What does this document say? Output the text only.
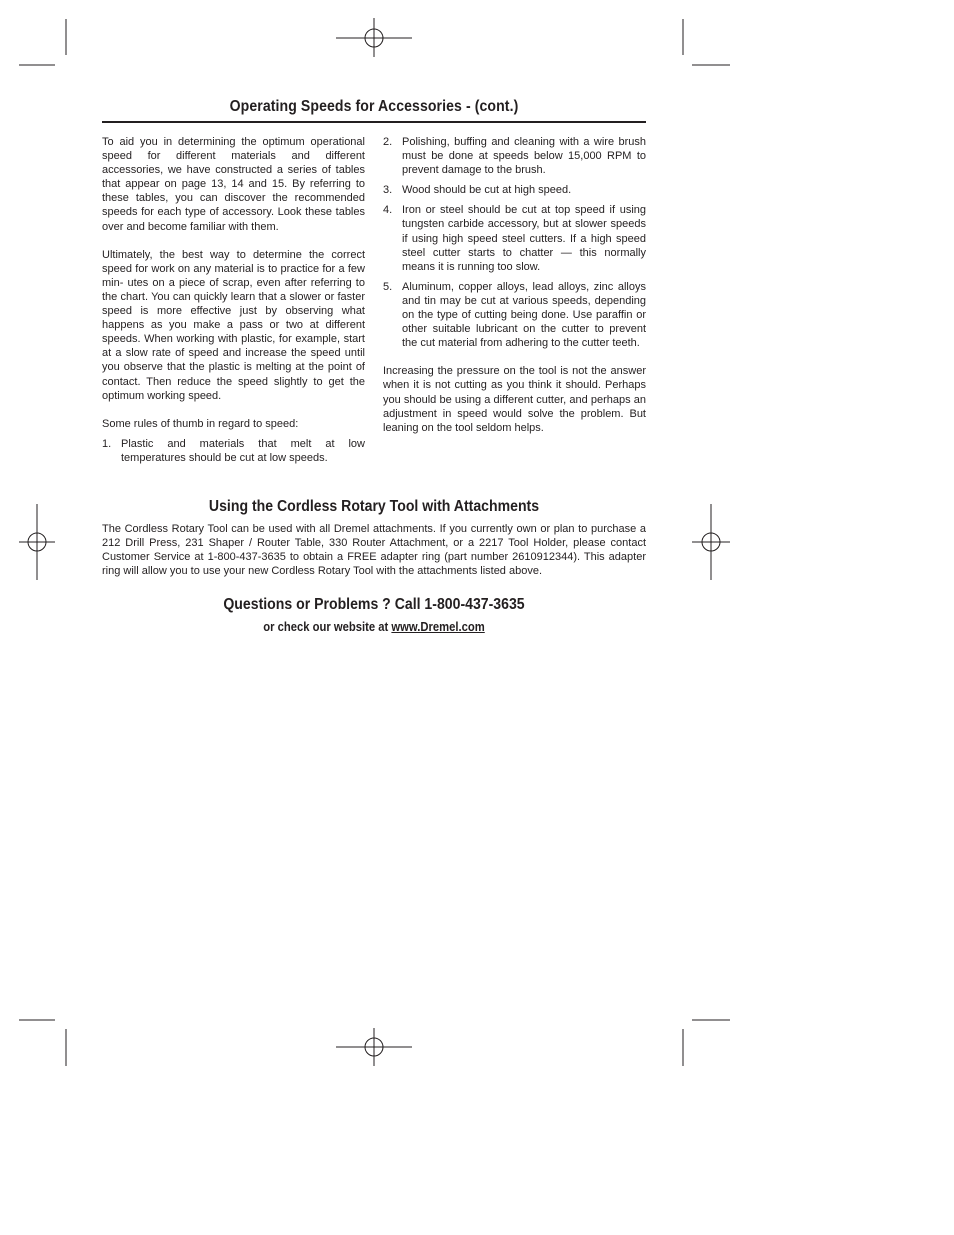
Operating Speeds for Accessories - (cont.)

To aid you in determining the optimum operational speed for different materials and different accessories, we have constructed a series of tables that appear on page 13, 14 and 15. By referring to these tables, you can discover the recommended speeds for each type of accessory. Look these tables over and become familiar with them.

Ultimately, the best way to determine the correct speed for work on any material is to practice for a few min- utes on a piece of scrap, even after referring to the chart. You can quickly learn that a slower or faster speed is more effective just by observing what happens as you make a pass or two at different speeds. When working with plastic, for example, start at a slow rate of speed and increase the speed until you observe that the plastic is melting at the point of contact. Then reduce the speed slightly to get the optimum working speed.

Some rules of thumb in regard to speed:

1. Plastic and materials that melt at low temperatures should be cut at low speeds.
2. Polishing, buffing and cleaning with a wire brush must be done at speeds below 15,000 RPM to prevent damage to the brush.
3. Wood should be cut at high speed.
4. Iron or steel should be cut at top speed if using tungsten carbide accessory, but at slower speeds if using high speed steel cutters. If a high speed steel cutter starts to chatter — this normally means it is running too slow.
5. Aluminum, copper alloys, lead alloys, zinc alloys and tin may be cut at various speeds, depending on the type of cutting being done. Use paraffin or other suitable lubricant on the cutter to prevent the cut material from adhering to the cutter teeth.

Increasing the pressure on the tool is not the answer when it is not cutting as you think it should. Perhaps you should be using a different cutter, and perhaps an adjustment in speed would solve the problem. But leaning on the tool seldom helps.

Using the Cordless Rotary Tool with Attachments

The Cordless Rotary Tool can be used with all Dremel attachments. If you currently own or plan to purchase a 212 Drill Press, 231 Shaper / Router Table, 330 Router Attachment, or a 2217 Tool Holder, please contact Customer Service at 1-800-437-3635 to obtain a FREE adapter ring (part number 2610912344). This adapter ring will allow you to use your new Cordless Rotary Tool with the attachments listed above.

Questions or Problems ? Call 1-800-437-3635

or check our website at www.Dremel.com
